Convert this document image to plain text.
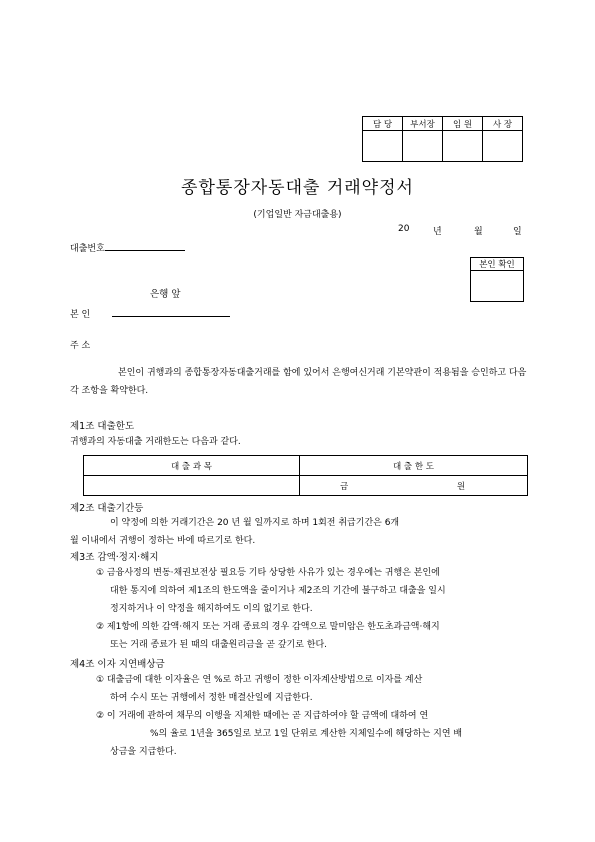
담 당	부서장	임 원	사 장

종합통장자동대출 거래약정서
(기업일반 자금대출용)
20	년	월	일
대출번호
본인 확인

은행 앞
본 인
주 소
본인이 귀행과의 종합통장자동대출거래를 함에 있어서 은행여신거래 기본약관이 적용됨을 승인하고 다음 각 조항을 확약한다.
제1조 대출한도
귀행과의 자동대출 거래한도는 다음과 같다.
대 출 과 목	대 출 한 도
	금 원
제2조 대출기간등
이 약정에 의한 거래기간은 20 년 월 일까지로 하며 1회전 취급기간은 6개
월 이내에서 귀행이 정하는 바에 따르기로 한다.
제3조 감액·정지·해지
① 금융사정의 변동·채권보전상 필요등 기타 상당한 사유가 있는 경우에는 귀행은 본인에
대한 통지에 의하여 제1조의 한도액을 줄이거나 제2조의 기간에 불구하고 대출을 일시
정지하거나 이 약정을 해지하여도 이의 없기로 한다.
② 제1항에 의한 감액·해지 또는 거래 종료의 경우 감액으로 말미암은 한도초과금액·해지
또는 거래 종료가 된 때의 대출원리금을 곧 갚기로 한다.
제4조 이자 지연배상금
① 대출금에 대한 이자율은 연 %로 하고 귀행이 정한 이자계산방법으로 이자를 계산
하여 수시 또는 귀행에서 정한 매결산일에 지급한다.
② 이 거래에 관하여 채무의 이행을 지체한 때에는 곧 지급하여야 할 금액에 대하여 연
%의 율로 1년을 365일로 보고 1일 단위로 계산한 지체일수에 해당하는 지연 배
상금을 지급한다.
